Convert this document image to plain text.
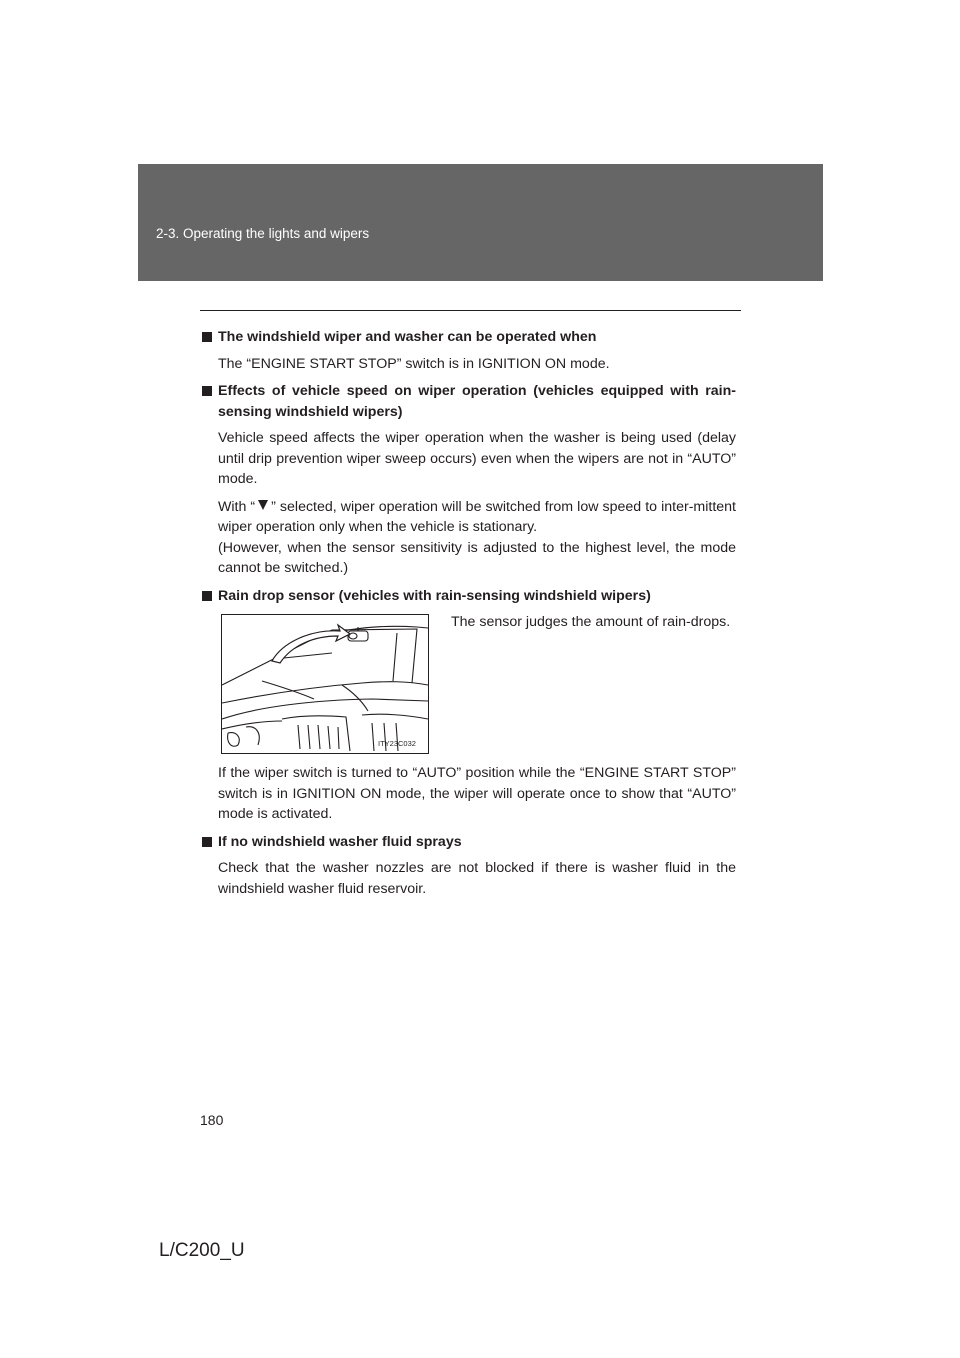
2-3. Operating the lights and wipers
The windshield wiper and washer can be operated when

The “ENGINE START STOP” switch is in IGNITION ON mode.

Effects of vehicle speed on wiper operation (vehicles equipped with rain-sensing windshield wipers)

Vehicle speed affects the wiper operation when the washer is being used (delay until drip prevention wiper sweep occurs) even when the wipers are not in “AUTO” mode.

With “ ” selected, wiper operation will be switched from low speed to inter-mittent wiper operation only when the vehicle is stationary.

(However, when the sensor sensitivity is adjusted to the highest level, the mode cannot be switched.)

Rain drop sensor (vehicles with rain-sensing windshield wipers)
ITY23C032
The sensor judges the amount of rain-drops.

If the wiper switch is turned to “AUTO” position while the “ENGINE START STOP” switch is in IGNITION ON mode, the wiper will operate once to show that “AUTO” mode is activated.

If no windshield washer fluid sprays

Check that the washer nozzles are not blocked if there is washer fluid in the windshield washer fluid reservoir.

180
L/C200_U
